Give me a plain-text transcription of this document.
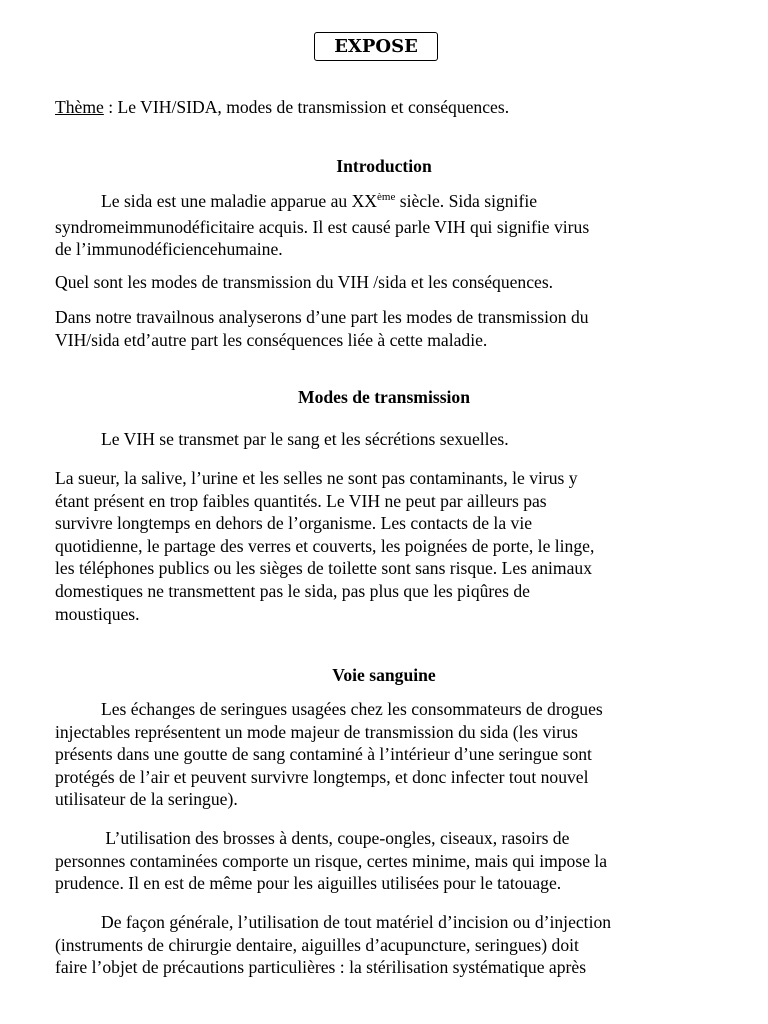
EXPOSE
Thème : Le VIH/SIDA, modes de transmission et conséquences.
Introduction
Le sida est une maladie apparue au XXème siècle. Sida signifie
syndromeimmunodéficitaire acquis. Il est causé parle VIH qui signifie virus
de l’immunodéficiencehumaine.
Quel sont les modes de transmission du VIH /sida et les conséquences.
Dans notre travailnous analyserons d’une part les modes de transmission du
VIH/sida etd’autre part les conséquences liée à cette maladie.
Modes de transmission
Le VIH se transmet par le sang et les sécrétions sexuelles.
La sueur, la salive, l’urine et les selles ne sont pas contaminants, le virus y
étant présent en trop faibles quantités. Le VIH ne peut par ailleurs pas
survivre longtemps en dehors de l’organisme. Les contacts de la vie
quotidienne, le partage des verres et couverts, les poignées de porte, le linge,
les téléphones publics ou les sièges de toilette sont sans risque. Les animaux
domestiques ne transmettent pas le sida, pas plus que les piqûres de
moustiques.
Voie sanguine
Les échanges de seringues usagées chez les consommateurs de drogues
injectables représentent un mode majeur de transmission du sida (les virus
présents dans une goutte de sang contaminé à l’intérieur d’une seringue sont
protégés de l’air et peuvent survivre longtemps, et donc infecter tout nouvel
utilisateur de la seringue).
L’utilisation des brosses à dents, coupe-ongles, ciseaux, rasoirs de
personnes contaminées comporte un risque, certes minime, mais qui impose la
prudence. Il en est de même pour les aiguilles utilisées pour le tatouage.
De façon générale, l’utilisation de tout matériel d’incision ou d’injection
(instruments de chirurgie dentaire, aiguilles d’acupuncture, seringues) doit
faire l’objet de précautions particulières : la stérilisation systématique après
